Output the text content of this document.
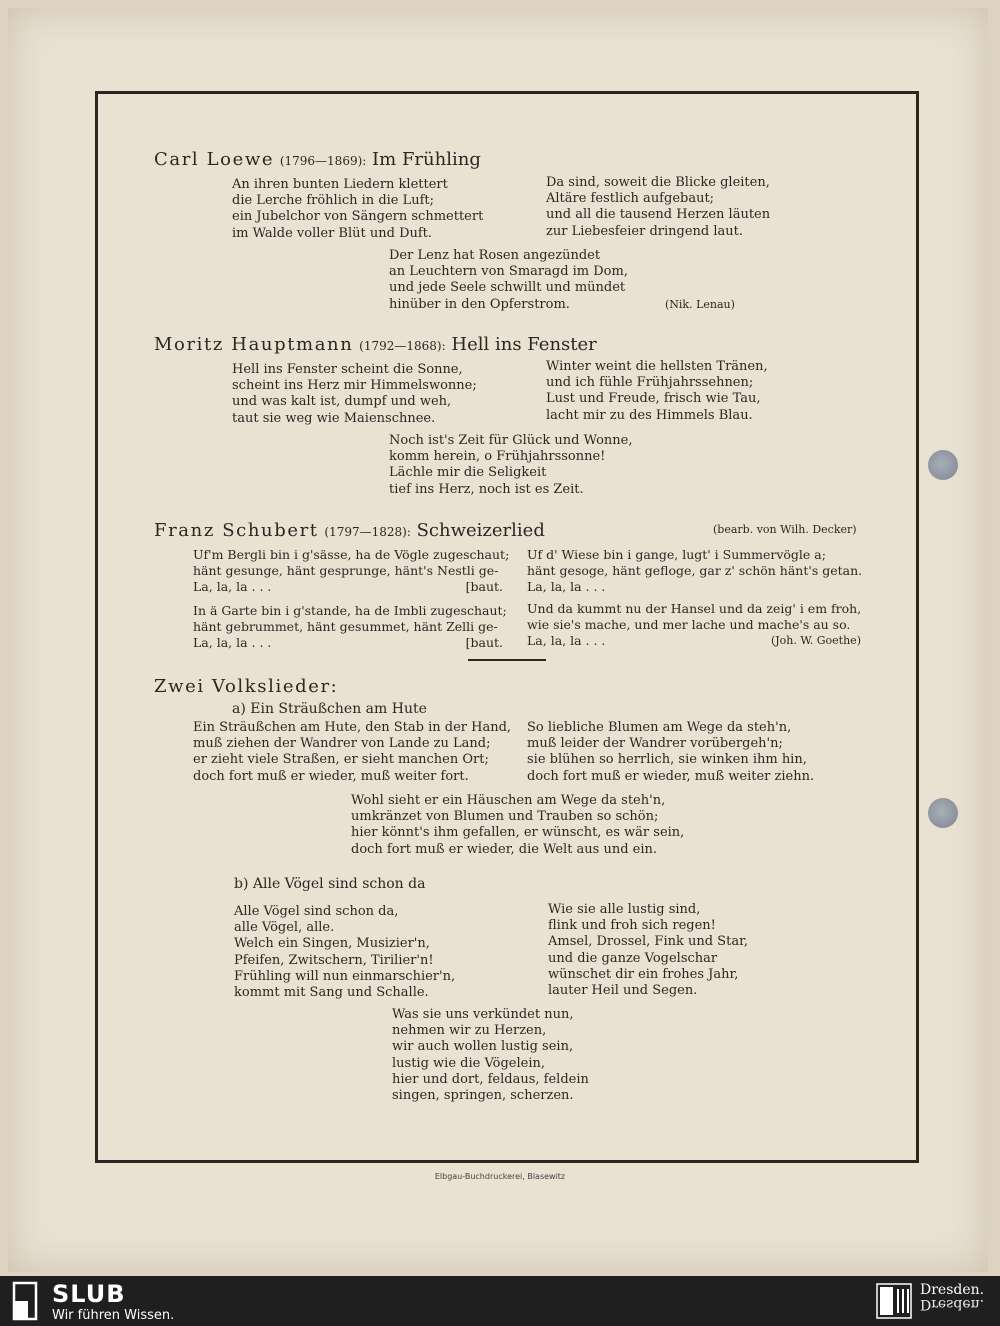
Carl Loewe (1796—1869): Im Frühling
An ihren bunten Liedern klettert
die Lerche fröhlich in die Luft;
ein Jubelchor von Sängern schmettert
im Walde voller Blüt und Duft.
Da sind, soweit die Blicke gleiten,
Altäre festlich aufgebaut;
und all die tausend Herzen läuten
zur Liebesfeier dringend laut.
Der Lenz hat Rosen angezündet
an Leuchtern von Smaragd im Dom,
und jede Seele schwillt und mündet
hinüber in den Opferstrom.	(Nik. Lenau)
Moritz Hauptmann (1792—1868): Hell ins Fenster
Hell ins Fenster scheint die Sonne,
scheint ins Herz mir Himmelswonne;
und was kalt ist, dumpf und weh,
taut sie weg wie Maienschnee.
Winter weint die hellsten Tränen,
und ich fühle Frühjahrssehnen;
Lust und Freude, frisch wie Tau,
lacht mir zu des Himmels Blau.
Noch ist's Zeit für Glück und Wonne,
komm herein, o Frühjahrssonne!
Lächle mir die Seligkeit
tief ins Herz, noch ist es Zeit.
Franz Schubert (1797—1828): Schweizerlied	(bearb. von Wilh. Decker)
Uf'm Bergli bin i g'sässe, ha de Vögle zugeschaut;
hänt gesunge, hänt gesprunge, hänt's Nestli ge-
La, la, la . . .	[baut.
In ä Garte bin i g'stande, ha de Imbli zugeschaut;
hänt gebrummet, hänt gesummet, hänt Zelli ge-
La, la, la . . .	[baut.
Uf d' Wiese bin i gange, lugt' i Summervögle a;
hänt gesoge, hänt gefloge, gar z' schön hänt's getan.
La, la, la . . .
Und da kummt nu der Hansel und da zeig' i em froh,
wie sie's mache, und mer lache und mache's au so.
La, la, la . . .	(Joh. W. Goethe)
Zwei Volkslieder:
a) Ein Sträußchen am Hute
Ein Sträußchen am Hute, den Stab in der Hand,
muß ziehen der Wandrer von Lande zu Land;
er zieht viele Straßen, er sieht manchen Ort;
doch fort muß er wieder, muß weiter fort.
So liebliche Blumen am Wege da steh'n,
muß leider der Wandrer vorübergeh'n;
sie blühen so herrlich, sie winken ihm hin,
doch fort muß er wieder, muß weiter ziehn.
Wohl sieht er ein Häuschen am Wege da steh'n,
umkränzet von Blumen und Trauben so schön;
hier könnt's ihm gefallen, er wünscht, es wär sein,
doch fort muß er wieder, die Welt aus und ein.
b) Alle Vögel sind schon da
Alle Vögel sind schon da,
alle Vögel, alle.
Welch ein Singen, Musizier'n,
Pfeifen, Zwitschern, Tirilier'n!
Frühling will nun einmarschier'n,
kommt mit Sang und Schalle.
Wie sie alle lustig sind,
flink und froh sich regen!
Amsel, Drossel, Fink und Star,
und die ganze Vogelschar
wünschet dir ein frohes Jahr,
lauter Heil und Segen.
Was sie uns verkündet nun,
nehmen wir zu Herzen,
wir auch wollen lustig sein,
lustig wie die Vögelein,
hier und dort, feldaus, feldein
singen, springen, scherzen.
Elbgau-Buchdruckerei, Blasewitz
SLUB
Wir führen Wissen.
Dresden.
Dresden.
